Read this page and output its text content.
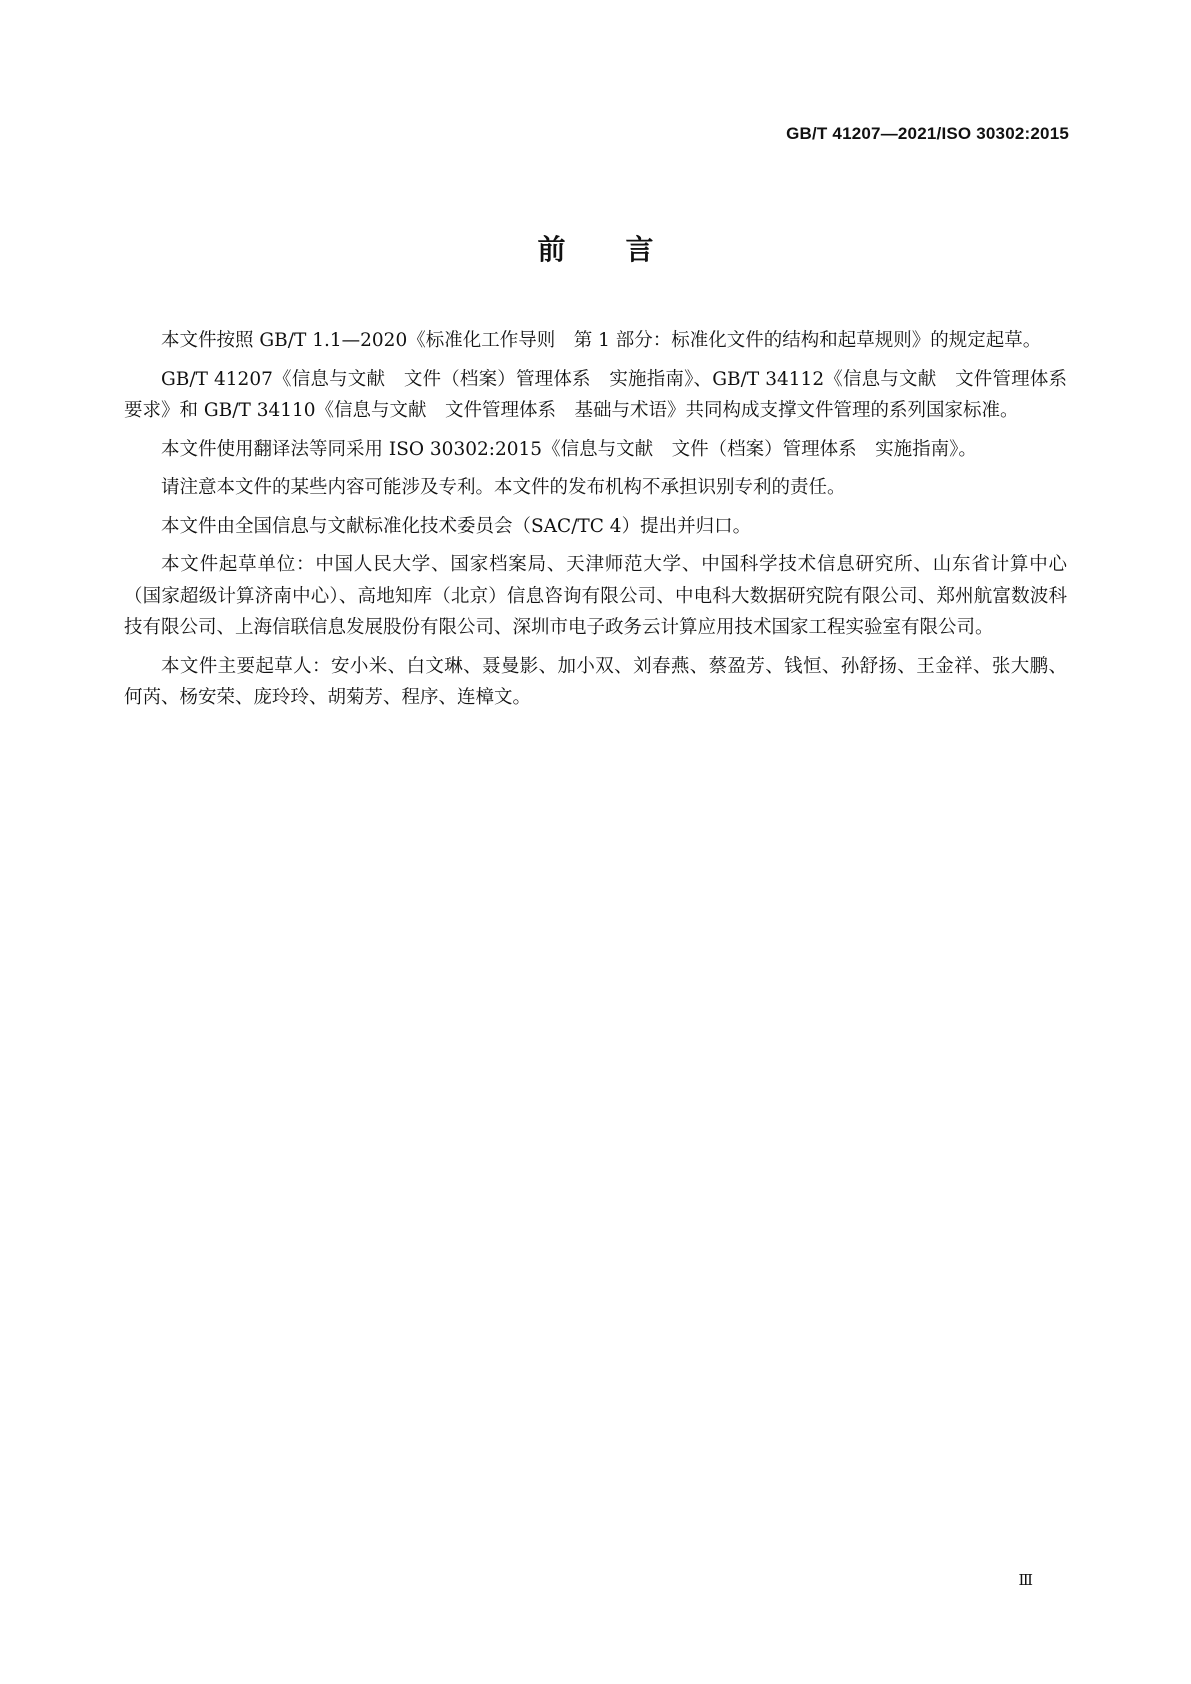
GB/T 41207—2021/ISO 30302:2015
前 言

本文件按照 GB/T 1.1—2020《标准化工作导则　第 1 部分：标准化文件的结构和起草规则》的规定起草。

GB/T 41207《信息与文献　文件（档案）管理体系　实施指南》、GB/T 34112《信息与文献　文件管理体系　要求》和 GB/T 34110《信息与文献　文件管理体系　基础与术语》共同构成支撑文件管理的系列国家标准。

本文件使用翻译法等同采用 ISO 30302:2015《信息与文献　文件（档案）管理体系　实施指南》。

请注意本文件的某些内容可能涉及专利。本文件的发布机构不承担识别专利的责任。

本文件由全国信息与文献标准化技术委员会（SAC/TC 4）提出并归口。

本文件起草单位：中国人民大学、国家档案局、天津师范大学、中国科学技术信息研究所、山东省计算中心（国家超级计算济南中心）、高地知库（北京）信息咨询有限公司、中电科大数据研究院有限公司、郑州航富数波科技有限公司、上海信联信息发展股份有限公司、深圳市电子政务云计算应用技术国家工程实验室有限公司。

本文件主要起草人：安小米、白文琳、聂曼影、加小双、刘春燕、蔡盈芳、钱恒、孙舒扬、王金祥、张大鹏、何芮、杨安荣、庞玲玲、胡菊芳、程序、连樟文。

Ⅲ
